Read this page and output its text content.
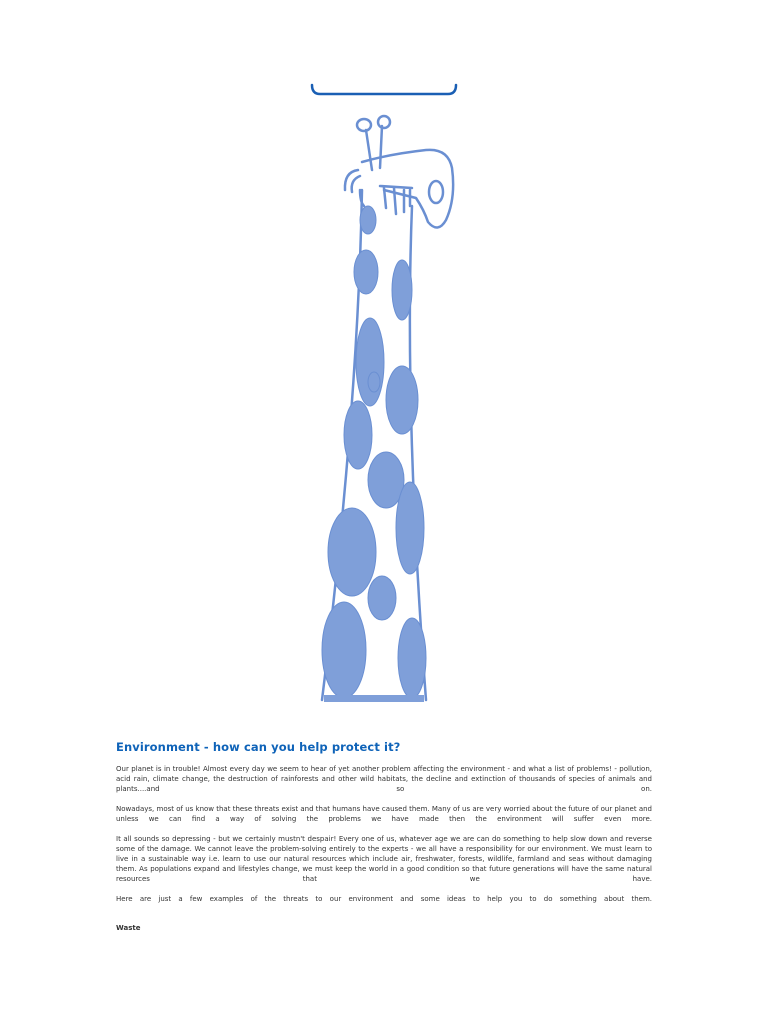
Environment - how can you help protect it?

Our planet is in trouble! Almost every day we seem to hear of yet another problem affecting the environment - and what a list of problems! - pollution, acid rain, climate change, the destruction of rainforests and other wild habitats, the decline and extinction of thousands of species of animals and plants....and so on.

Nowadays, most of us know that these threats exist and that humans have caused them. Many of us are very worried about the future of our planet and unless we can find a way of solving the problems we have made then the environment will suffer even more.

It all sounds so depressing - but we certainly mustn't despair! Every one of us, whatever age we are can do something to help slow down and reverse some of the damage. We cannot leave the problem-solving entirely to the experts - we all have a responsibility for our environment. We must learn to live in a sustainable way i.e. learn to use our natural resources which include air, freshwater, forests, wildlife, farmland and seas without damaging them. As populations expand and lifestyles change, we must keep the world in a good condition so that future generations will have the same natural resources that we have.

Here are just a few examples of the threats to our environment and some ideas to help you to do something about them.

Waste
